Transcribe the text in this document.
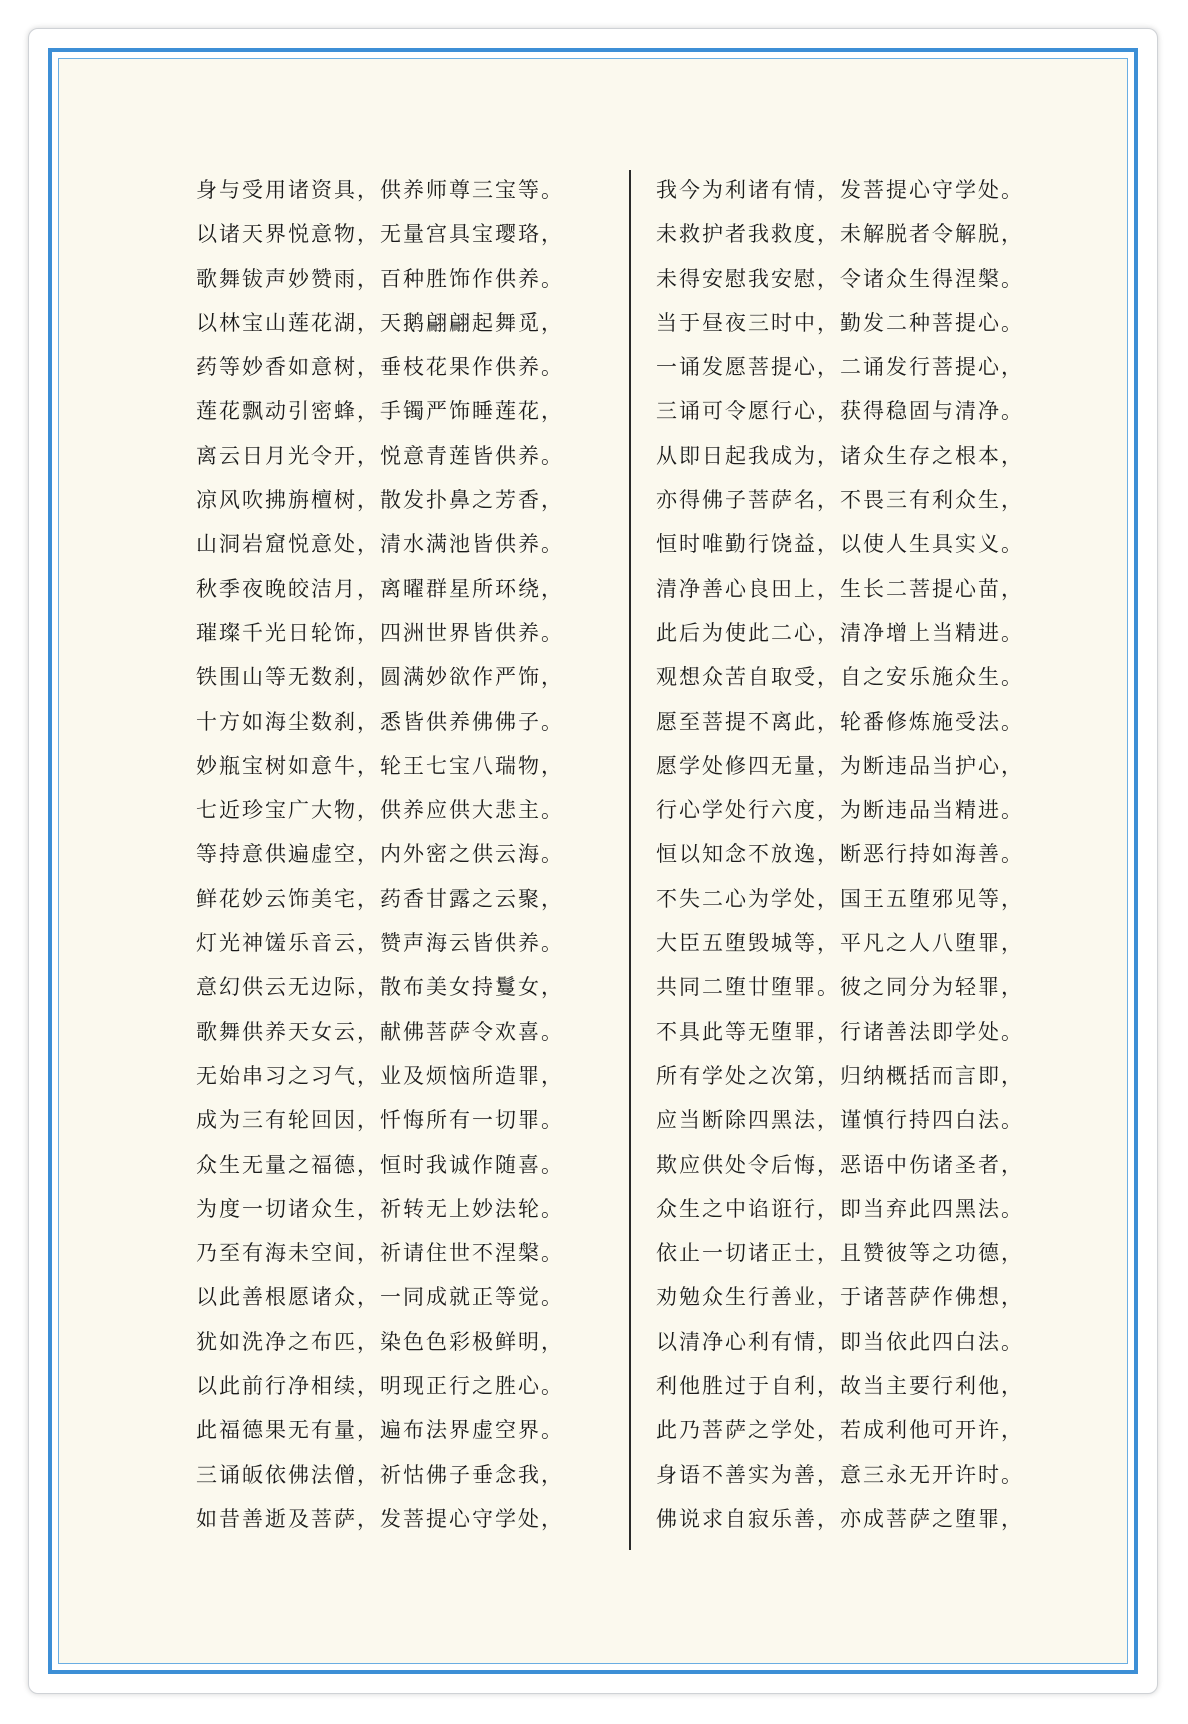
身与受用诸资具，供养师尊三宝等。
以诸天界悦意物，无量宫具宝璎珞，
歌舞钹声妙赞雨，百种胜饰作供养。
以林宝山莲花湖，天鹅翩翩起舞觅，
药等妙香如意树，垂枝花果作供养。
莲花飘动引密蜂，手镯严饰睡莲花，
离云日月光令开，悦意青莲皆供养。
凉风吹拂旃檀树，散发扑鼻之芳香，
山洞岩窟悦意处，清水满池皆供养。
秋季夜晚皎洁月，离曜群星所环绕，
璀璨千光日轮饰，四洲世界皆供养。
铁围山等无数刹，圆满妙欲作严饰，
十方如海尘数刹，悉皆供养佛佛子。
妙瓶宝树如意牛，轮王七宝八瑞物，
七近珍宝广大物，供养应供大悲主。
等持意供遍虚空，内外密之供云海。
鲜花妙云饰美宅，药香甘露之云聚，
灯光神馐乐音云，赞声海云皆供养。
意幻供云无边际，散布美女持鬘女，
歌舞供养天女云，献佛菩萨令欢喜。
无始串习之习气，业及烦恼所造罪，
成为三有轮回因，忏悔所有一切罪。
众生无量之福德，恒时我诚作随喜。
为度一切诸众生，祈转无上妙法轮。
乃至有海未空间，祈请住世不涅槃。
以此善根愿诸众，一同成就正等觉。
犹如洗净之布匹，染色色彩极鲜明，
以此前行净相续，明现正行之胜心。
此福德果无有量，遍布法界虚空界。
三诵皈依佛法僧，祈怙佛子垂念我，
如昔善逝及菩萨，发菩提心守学处，
我今为利诸有情，发菩提心守学处。
未救护者我救度，未解脱者令解脱，
未得安慰我安慰，令诸众生得涅槃。
当于昼夜三时中，勤发二种菩提心。
一诵发愿菩提心，二诵发行菩提心，
三诵可令愿行心，获得稳固与清净。
从即日起我成为，诸众生存之根本，
亦得佛子菩萨名，不畏三有利众生，
恒时唯勤行饶益，以使人生具实义。
清净善心良田上，生长二菩提心苗，
此后为使此二心，清净增上当精进。
观想众苦自取受，自之安乐施众生。
愿至菩提不离此，轮番修炼施受法。
愿学处修四无量，为断违品当护心，
行心学处行六度，为断违品当精进。
恒以知念不放逸，断恶行持如海善。
不失二心为学处，国王五堕邪见等，
大臣五堕毁城等，平凡之人八堕罪，
共同二堕廿堕罪。彼之同分为轻罪，
不具此等无堕罪，行诸善法即学处。
所有学处之次第，归纳概括而言即，
应当断除四黑法，谨慎行持四白法。
欺应供处令后悔，恶语中伤诸圣者，
众生之中谄诳行，即当弃此四黑法。
依止一切诸正士，且赞彼等之功德，
劝勉众生行善业，于诸菩萨作佛想，
以清净心利有情，即当依此四白法。
利他胜过于自利，故当主要行利他，
此乃菩萨之学处，若成利他可开许，
身语不善实为善，意三永无开许时。
佛说求自寂乐善，亦成菩萨之堕罪，
